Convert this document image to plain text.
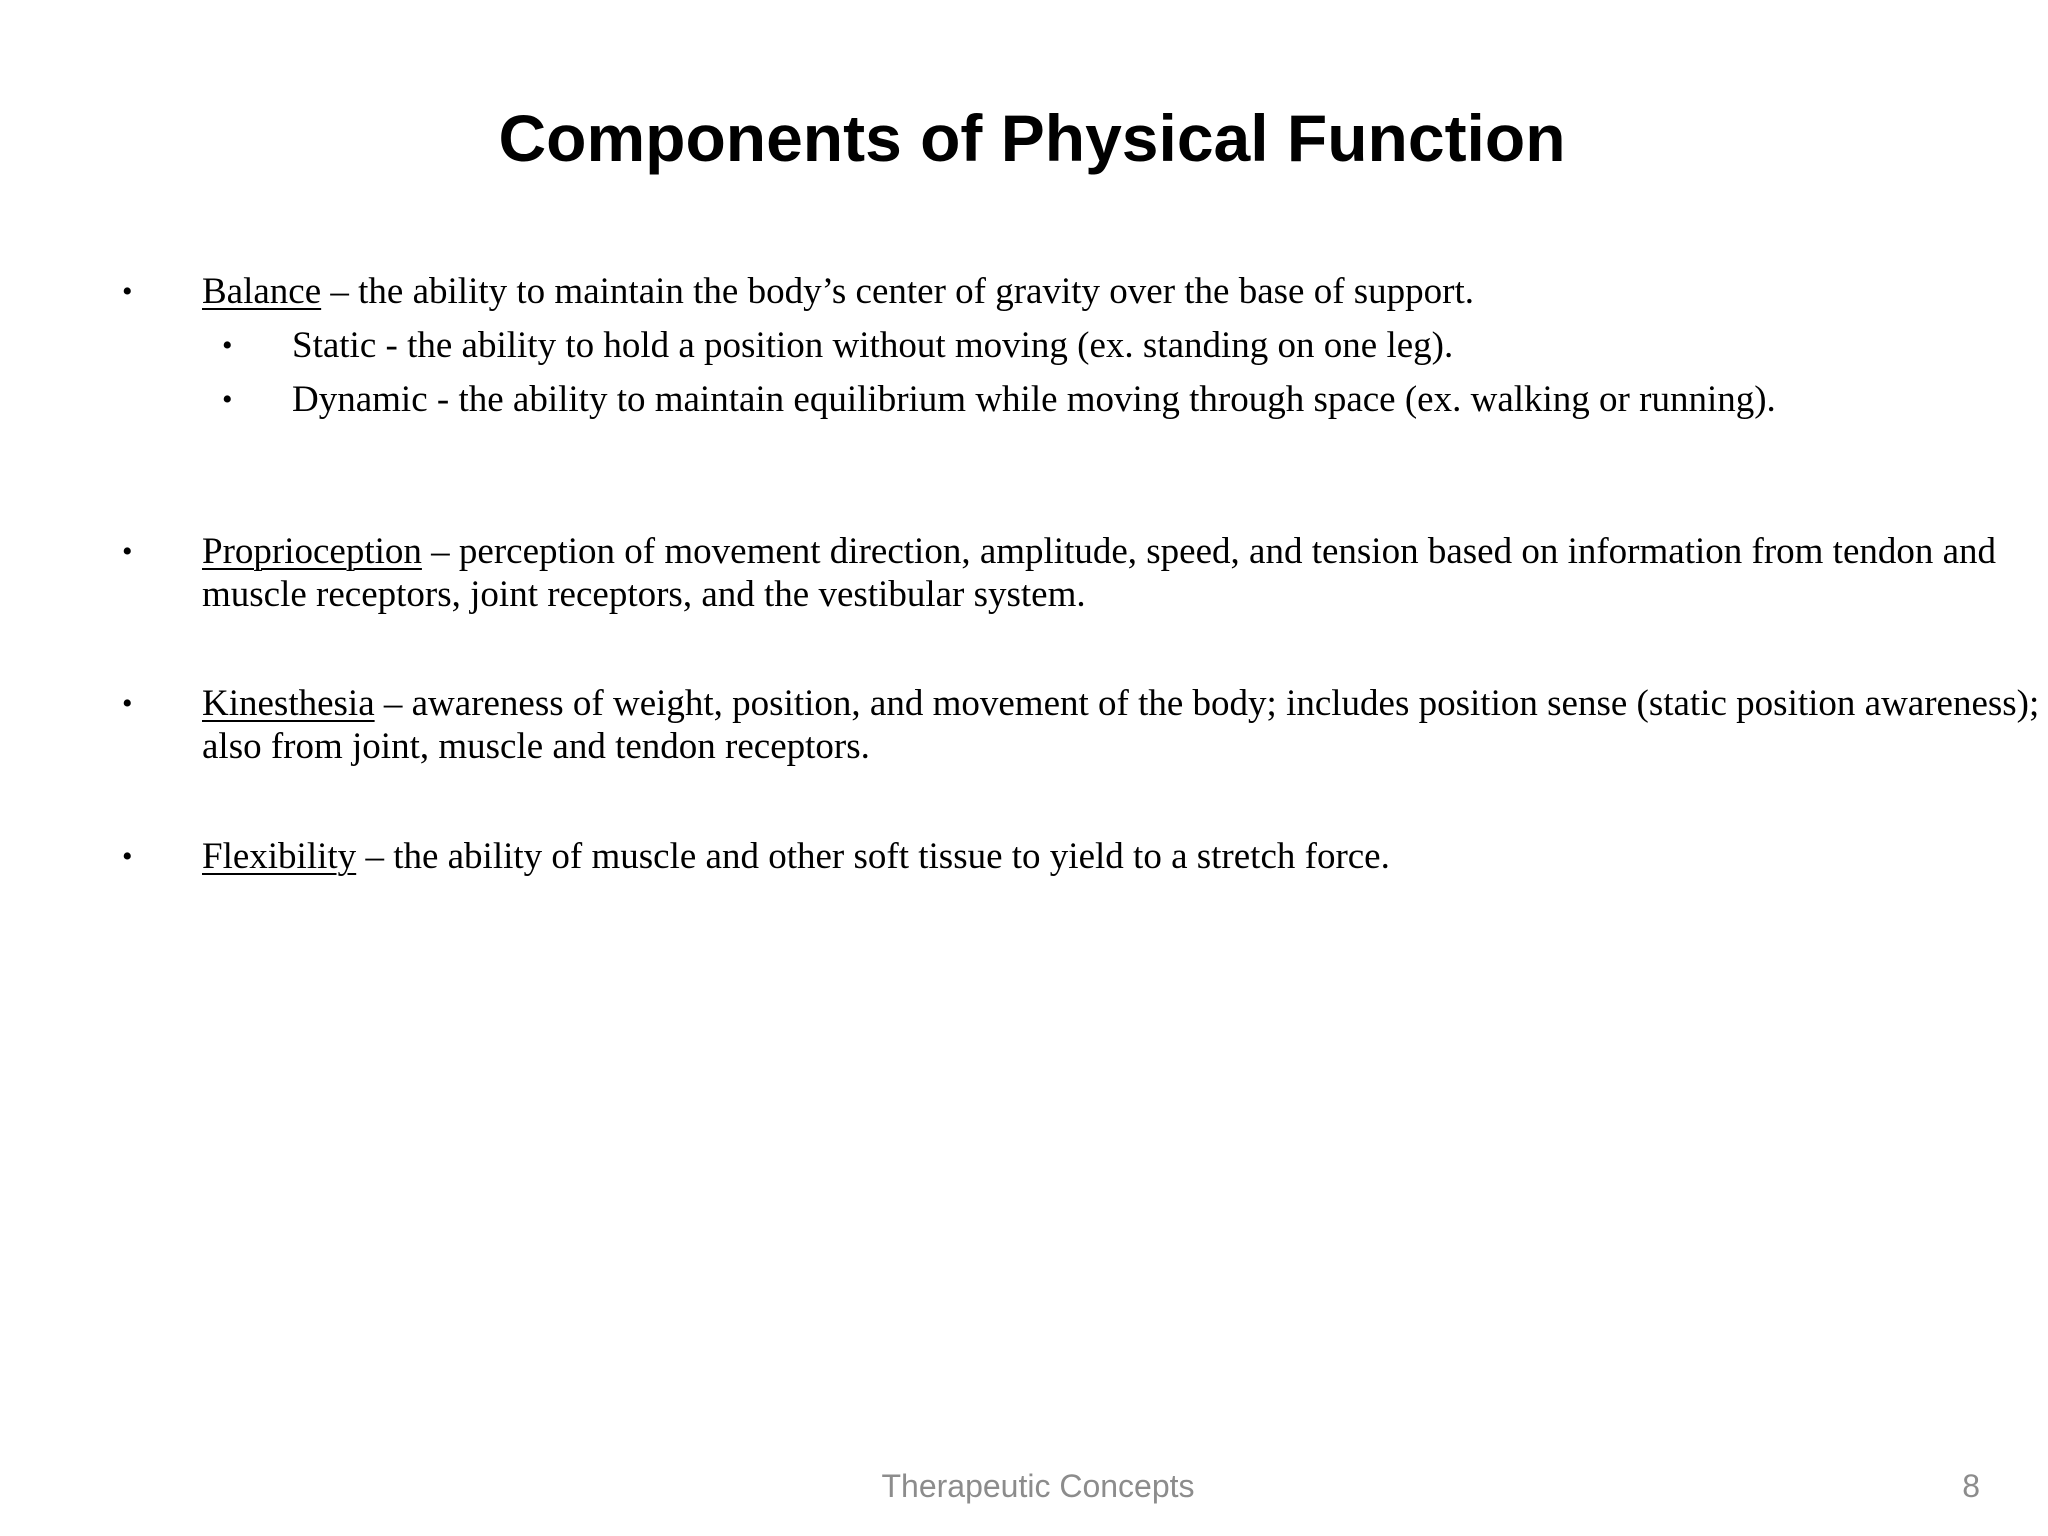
Components of Physical Function
•	Balance – the ability to maintain the body’s center of gravity over the base of support.
•	Static - the ability to hold a position without moving (ex. standing on one leg).
•	Dynamic - the ability to maintain equilibrium while moving through space (ex. walking or running).
•	Proprioception – perception of movement direction, amplitude, speed, and tension based on information from tendon and muscle receptors, joint receptors, and the vestibular system.
•	Kinesthesia – awareness of weight, position, and movement of the body; includes position sense (static position awareness); also from joint, muscle and tendon receptors.
•	Flexibility – the ability of muscle and other soft tissue to yield to a stretch force.
Therapeutic Concepts	8
